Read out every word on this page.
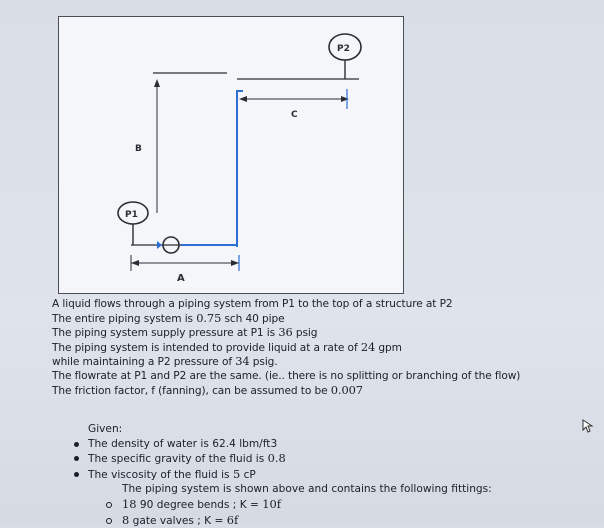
P2
P1
A
B
C

A liquid flows through a piping system from P1 to the top of a structure at P2

The entire piping system is 0.75 sch 40 pipe

The piping system supply pressure at P1 is 36 psig

The piping system is intended to provide liquid at a rate of 24 gpm

while maintaining a P2 pressure of 34 psig.

The flowrate at P1 and P2 are the same. (ie.. there is no splitting or branching of the flow)

The friction factor, f (fanning), can be assumed to be 0.007

Given:

The density of water is 62.4 lbm/ft3
The specific gravity of the fluid is 0.8
The viscosity of the fluid is 5 cP

The piping system is shown above and contains the following fittings:

18 90 degree bends ; K = 10f
8 gate valves ; K = 6f
